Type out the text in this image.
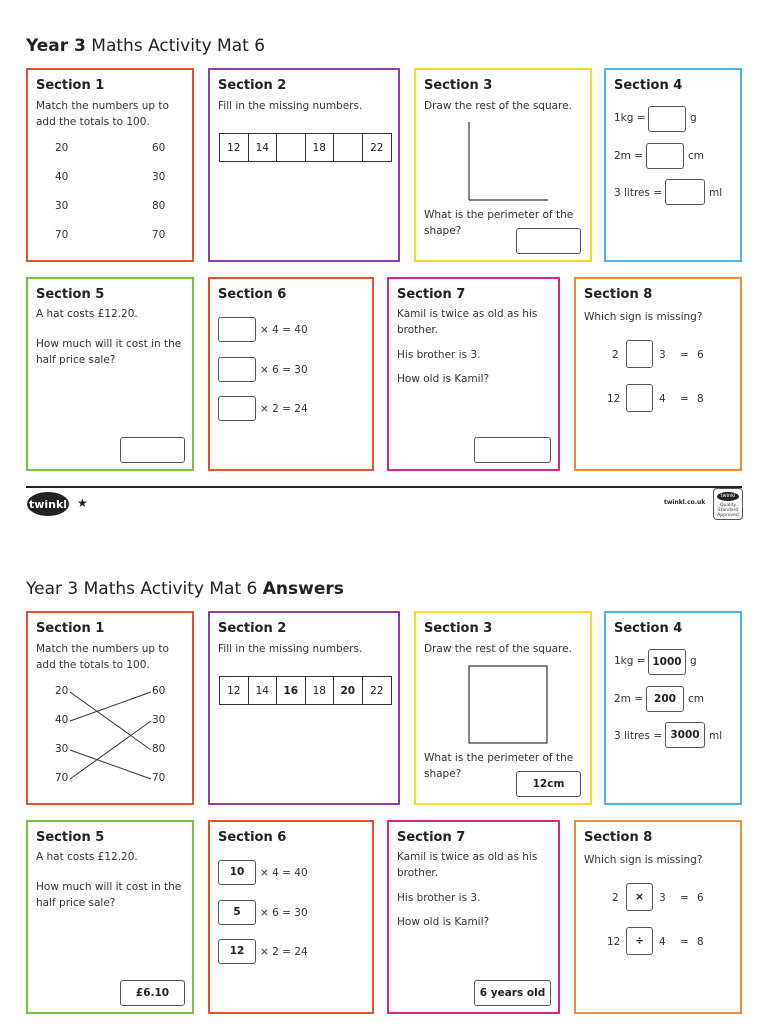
Year 3 Maths Activity Mat 6
Section 1
Match the numbers up to add the totals to 100.
20
40
30
70
60
30
80
70
Section 2
Fill in the missing numbers.
12	14	18	22
Section 3
Draw the rest of the square.
What is the perimeter of the shape?
Section 4
1kg =	g
2m =	cm
3 litres =	ml
Section 5
A hat costs £12.20.
How much will it cost in the half price sale?
Section 6
× 4 = 40
× 6 = 30
× 2 = 24
Section 7
Kamil is twice as old as his brother.
His brother is 3.
How old is Kamil?
Section 8
Which sign is missing?
2	3 = 6
12	4 = 8
twinkl ★	twinkl.co.uk
twinkl
Quality Standard Approved
Year 3 Maths Activity Mat 6 Answers
Section 1
Match the numbers up to add the totals to 100.
20
40
30
70
60
30
80
70
Section 2
Fill in the missing numbers.
12	14	16	18	20	22
Section 3
Draw the rest of the square.
What is the perimeter of the shape?
12cm
Section 4
1kg = 1000 g
2m =	200	cm
3 litres = 3000 ml
Section 5
A hat costs £12.20.
How much will it cost in the half price sale?
£6.10
Section 6
10	× 4 = 40
5	× 6 = 30
12	× 2 = 24
Section 7
Kamil is twice as old as his brother.
His brother is 3.
How old is Kamil?
6 years old
Section 8
Which sign is missing?
2	×	3 = 6
12	÷	4 = 8
